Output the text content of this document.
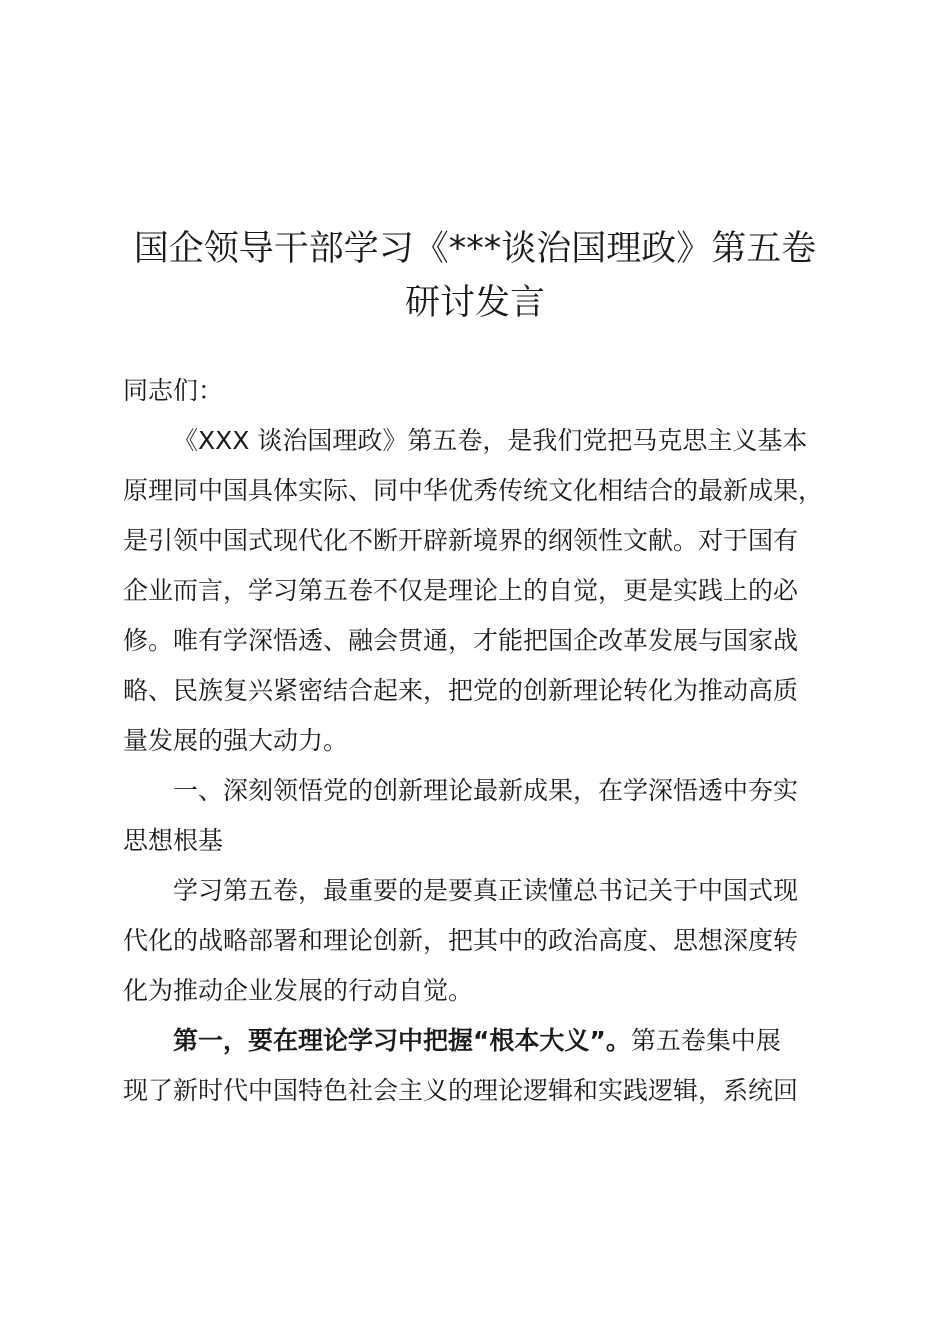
国企领导干部学习《***谈治国理政》第五卷
研讨发言
同志们：
《XXX 谈治国理政》第五卷，是我们党把马克思主义基本
原理同中国具体实际、同中华优秀传统文化相结合的最新成果，
是引领中国式现代化不断开辟新境界的纲领性文献。对于国有
企业而言，学习第五卷不仅是理论上的自觉，更是实践上的必
修。唯有学深悟透、融会贯通，才能把国企改革发展与国家战
略、民族复兴紧密结合起来，把党的创新理论转化为推动高质
量发展的强大动力。
一、深刻领悟党的创新理论最新成果，在学深悟透中夯实
思想根基
学习第五卷，最重要的是要真正读懂总书记关于中国式现
代化的战略部署和理论创新，把其中的政治高度、思想深度转
化为推动企业发展的行动自觉。
第一，要在理论学习中把握“根本大义”。第五卷集中展
现了新时代中国特色社会主义的理论逻辑和实践逻辑，系统回
